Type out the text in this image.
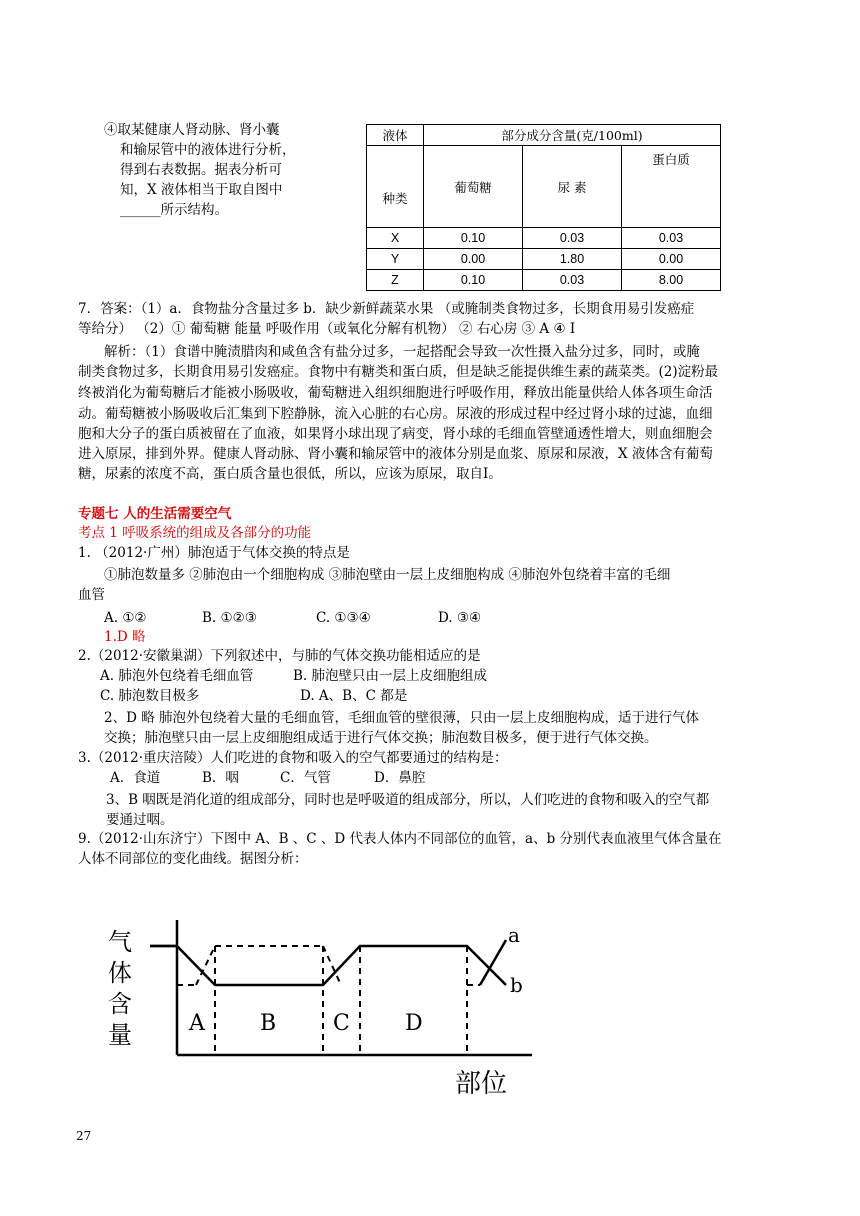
④取某健康人肾动脉、肾小囊
和输尿管中的液体进行分析，
得到右表数据。据表分析可
知，X 液体相当于取自图中
______所示结构。
液体	部分成分含量(克/100ml)		
种类	葡萄糖	尿 素	蛋白质
X	0.10	0.03	0.03
Y	0.00	1.80	0.00
Z	0.10	0.03	8.00
7．答案：（1）a．食物盐分含量过多 b．缺少新鲜蔬菜水果 （或腌制类食物过多，长期食用易引发癌症
等给分） （2）① 葡萄糖 能量 呼吸作用（或氧化分解有机物） ② 右心房 ③ A ④ Ⅰ
解析：（1）食谱中腌渍腊肉和咸鱼含有盐分过多，一起搭配会导致一次性摄入盐分过多，同时，或腌
制类食物过多，长期食用易引发癌症。食物中有糖类和蛋白质，但是缺乏能提供维生素的蔬菜类。(2)淀粉最
终被消化为葡萄糖后才能被小肠吸收，葡萄糖进入组织细胞进行呼吸作用，释放出能量供给人体各项生命活
动。葡萄糖被小肠吸收后汇集到下腔静脉，流入心脏的右心房。尿液的形成过程中经过肾小球的过滤，血细
胞和大分子的蛋白质被留在了血液，如果肾小球出现了病变，肾小球的毛细血管壁通透性增大，则血细胞会
进入原尿，排到外界。健康人肾动脉、肾小囊和输尿管中的液体分别是血浆、原尿和尿液，X 液体含有葡萄
糖，尿素的浓度不高，蛋白质含量也很低，所以，应该为原尿，取自Ⅰ。
专题七 人的生活需要空气
考点 1 呼吸系统的组成及各部分的功能
1. （2012·广州）肺泡适于气体交换的特点是
①肺泡数量多 ②肺泡由一个细胞构成 ③肺泡壁由一层上皮细胞构成 ④肺泡外包绕着丰富的毛细
血管
A. ①②	B. ①②③	C. ①③④	D. ③④
1.D 略
2.（2012·安徽巢湖）下列叙述中，与肺的气体交换功能相适应的是
A. 肺泡外包绕着毛细血管	B. 肺泡壁只由一层上皮细胞组成
C. 肺泡数目极多	D. A、B、C 都是
2、D 略 肺泡外包绕着大量的毛细血管，毛细血管的壁很薄，只由一层上皮细胞构成，适于进行气体
交换；肺泡壁只由一层上皮细胞组成适于进行气体交换；肺泡数目极多，便于进行气体交换。
3.（2012·重庆涪陵）人们吃进的食物和吸入的空气都要通过的结构是：
A．食道	B．咽	C．气管	D．鼻腔
3、B 咽既是消化道的组成部分，同时也是呼吸道的组成部分，所以，人们吃进的食物和吸入的空气都
要通过咽。
9.（2012·山东济宁）下图中 A、B 、C 、D 代表人体内不同部位的血管，a、b 分别代表血液里气体含量在
人体不同部位的变化曲线。据图分析：
气
体
含
量	A	B	C	D
a
b
部位
27
